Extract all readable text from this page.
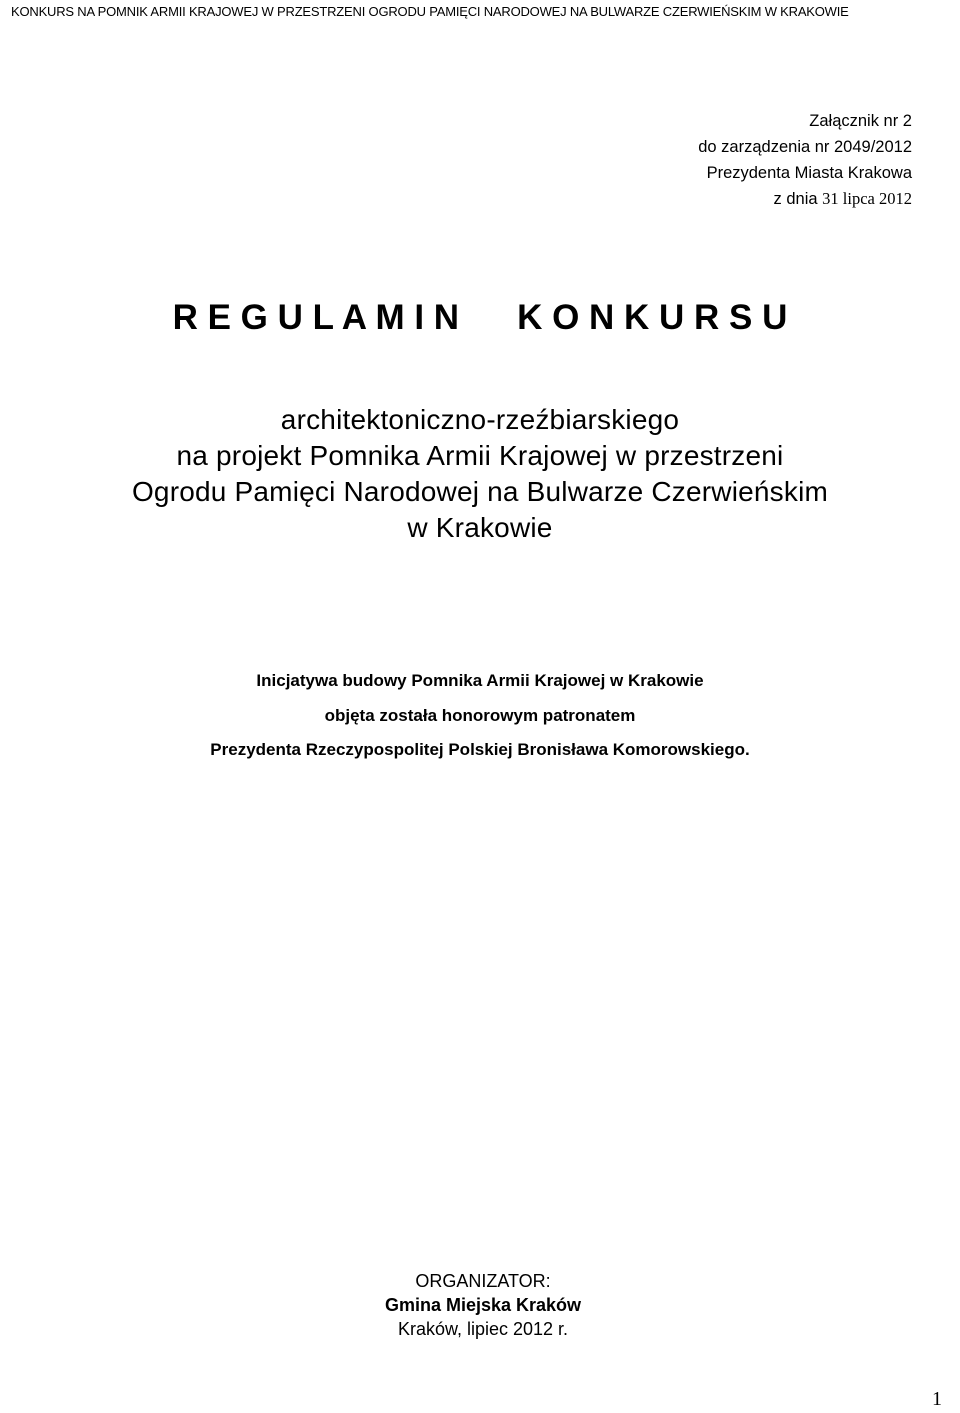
KONKURS NA POMNIK ARMII KRAJOWEJ W PRZESTRZENI OGRODU PAMIĘCI NARODOWEJ NA BULWARZE CZERWIEŃSKIM W KRAKOWIE
Załącznik nr 2
do zarządzenia nr 2049/2012
Prezydenta Miasta Krakowa
z dnia 31 lipca 2012
R E G U L A M I N K O N K U R S U
architektoniczno-rzeźbiarskiego
na projekt Pomnika Armii Krajowej w przestrzeni
Ogrodu Pamięci Narodowej na Bulwarze Czerwieńskim
w Krakowie
Inicjatywa budowy Pomnika Armii Krajowej w Krakowie
objęta została honorowym patronatem
Prezydenta Rzeczypospolitej Polskiej Bronisława Komorowskiego.
ORGANIZATOR:
Gmina Miejska Kraków
Kraków, lipiec 2012 r.
1
